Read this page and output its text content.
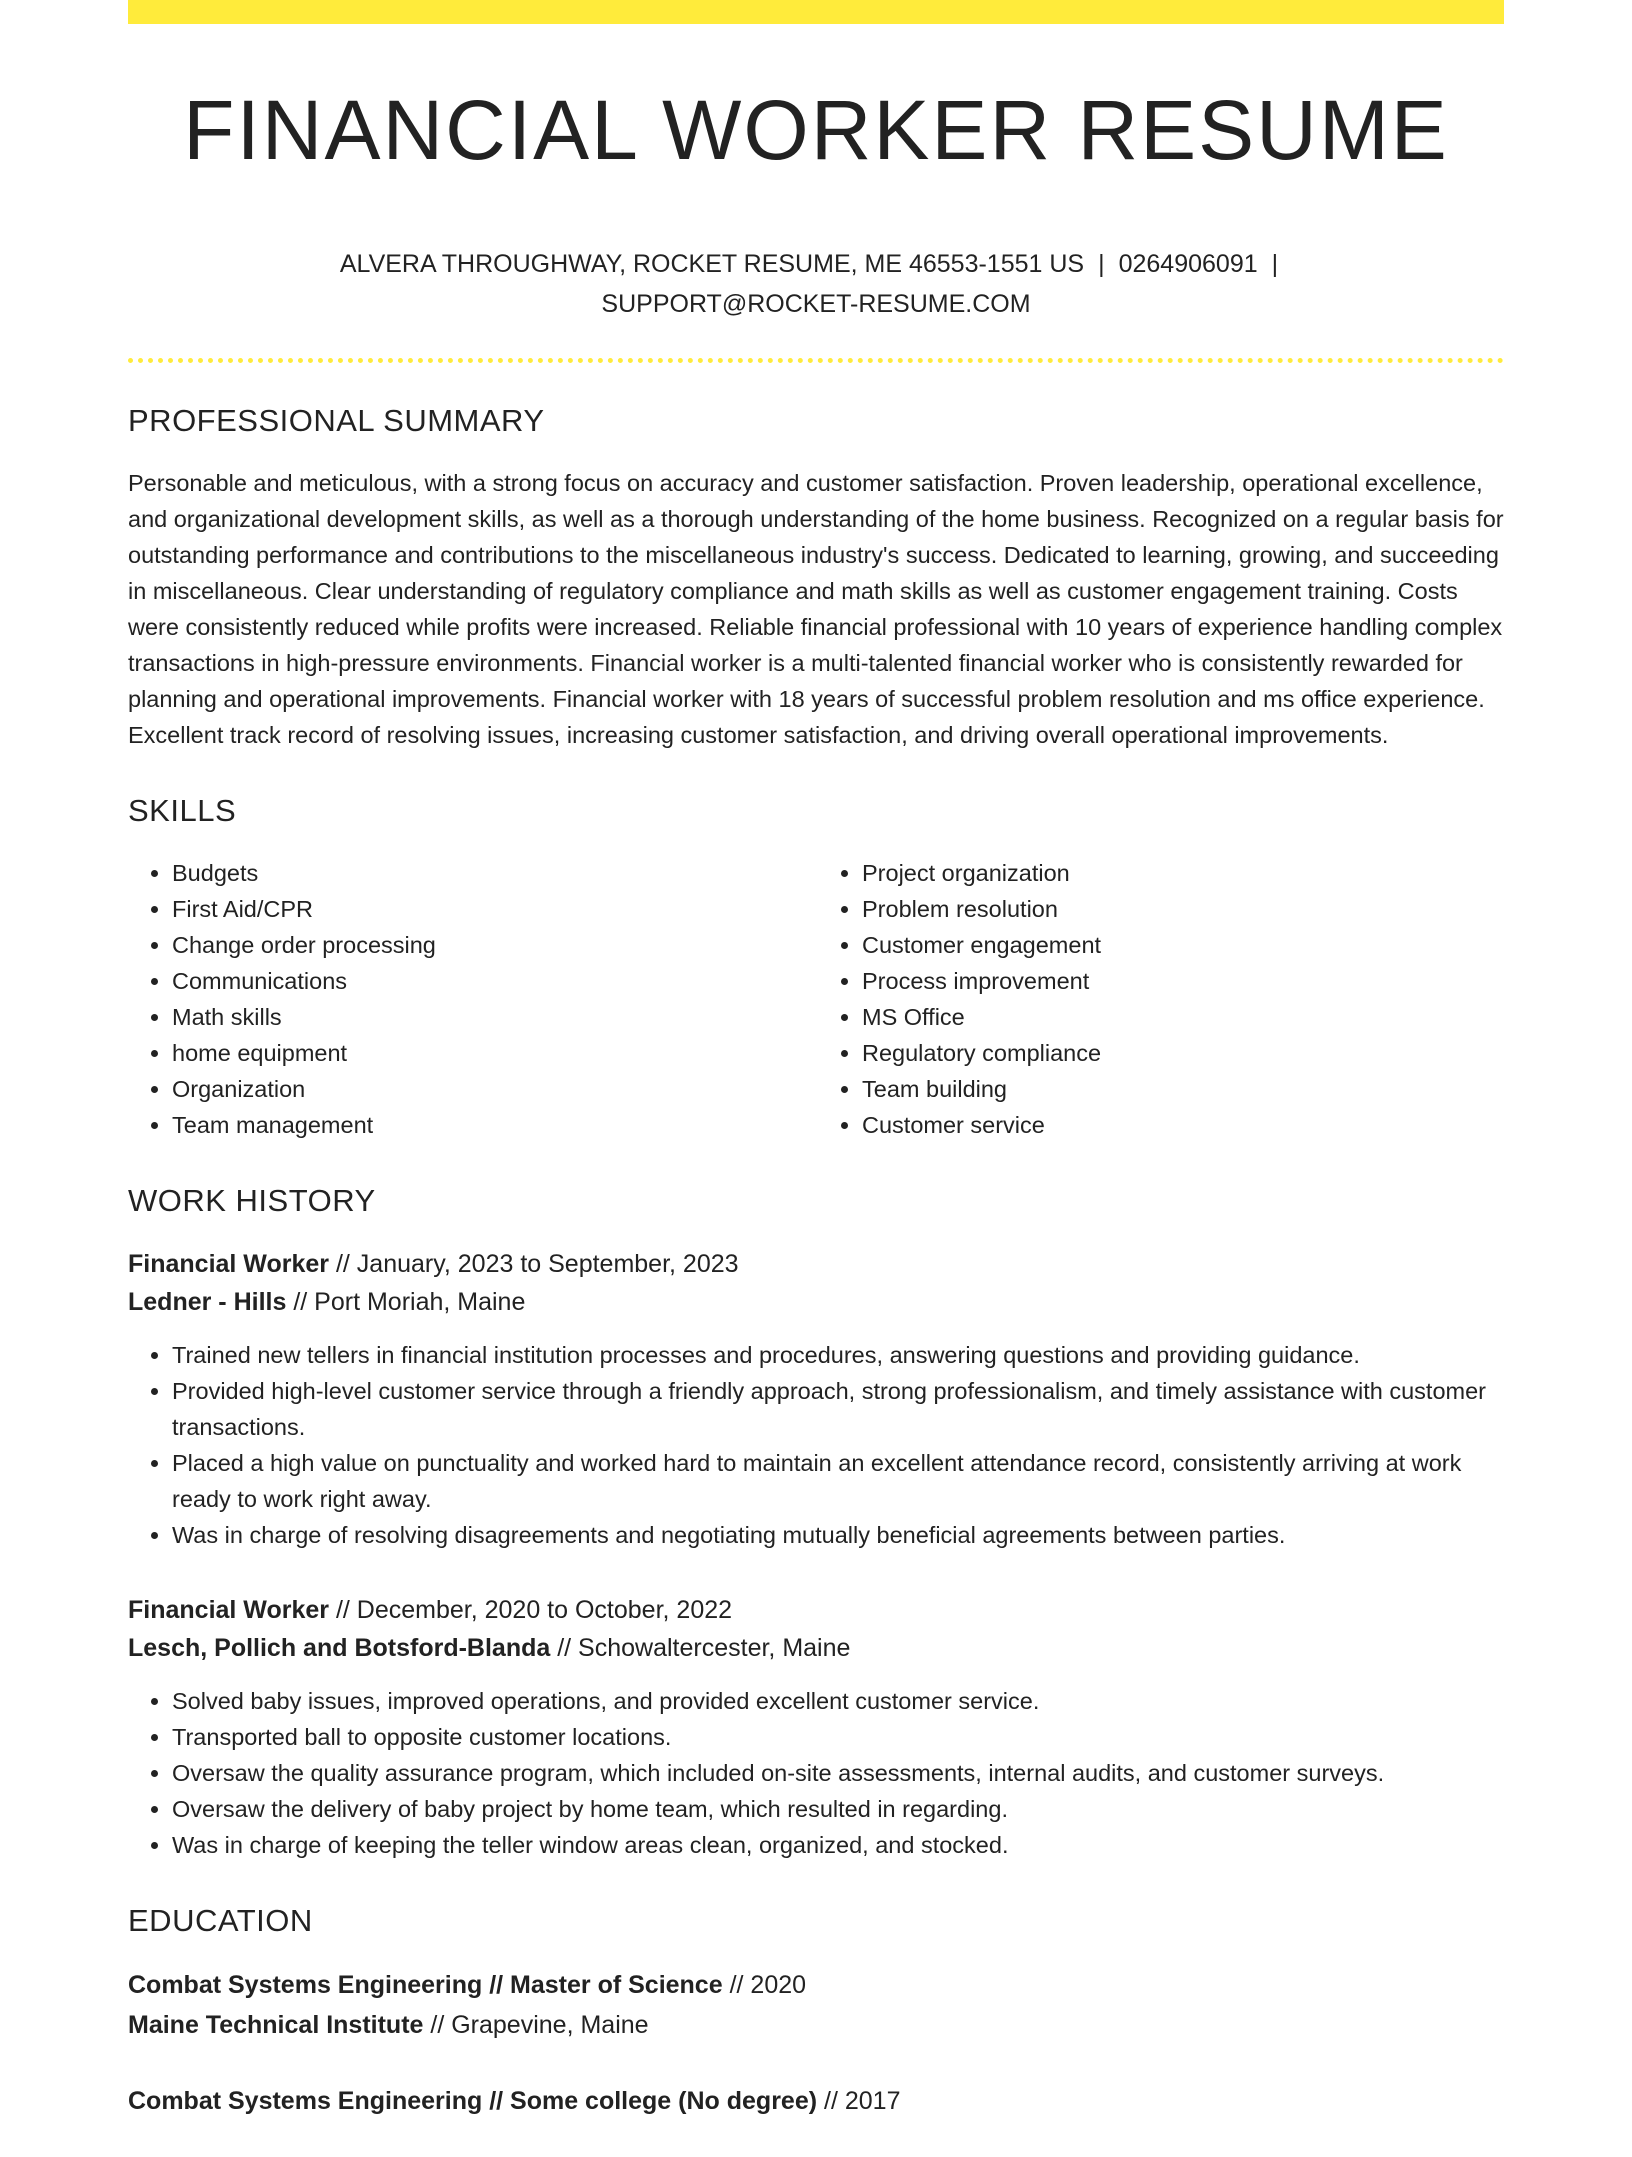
FINANCIAL WORKER RESUME
ALVERA THROUGHWAY, ROCKET RESUME, ME 46553-1551 US | 0264906091 |
SUPPORT@ROCKET-RESUME.COM
PROFESSIONAL SUMMARY

Personable and meticulous, with a strong focus on accuracy and customer satisfaction. Proven leadership, operational excellence, and organizational development skills, as well as a thorough understanding of the home business. Recognized on a regular basis for outstanding performance and contributions to the miscellaneous industry's success. Dedicated to learning, growing, and succeeding in miscellaneous. Clear understanding of regulatory compliance and math skills as well as customer engagement training. Costs were consistently reduced while profits were increased. Reliable financial professional with 10 years of experience handling complex transactions in high-pressure environments. Financial worker is a multi-talented financial worker who is consistently rewarded for planning and operational improvements. Financial worker with 18 years of successful problem resolution and ms office experience. Excellent track record of resolving issues, increasing customer satisfaction, and driving overall operational improvements.

SKILLS
• Budgets
• First Aid/CPR
• Change order processing
• Communications
• Math skills
• home equipment
• Organization
• Team management
• Project organization
• Problem resolution
• Customer engagement
• Process improvement
• MS Office
• Regulatory compliance
• Team building
• Customer service
WORK HISTORY
Financial Worker // January, 2023 to September, 2023
Ledner - Hills // Port Moriah, Maine
• Trained new tellers in financial institution processes and procedures, answering questions and providing guidance.
• Provided high-level customer service through a friendly approach, strong professionalism, and timely assistance with customer transactions.
• Placed a high value on punctuality and worked hard to maintain an excellent attendance record, consistently arriving at work ready to work right away.
• Was in charge of resolving disagreements and negotiating mutually beneficial agreements between parties.
Financial Worker // December, 2020 to October, 2022
Lesch, Pollich and Botsford-Blanda // Schowaltercester, Maine
• Solved baby issues, improved operations, and provided excellent customer service.
• Transported ball to opposite customer locations.
• Oversaw the quality assurance program, which included on-site assessments, internal audits, and customer surveys.
• Oversaw the delivery of baby project by home team, which resulted in regarding.
• Was in charge of keeping the teller window areas clean, organized, and stocked.
EDUCATION
Combat Systems Engineering // Master of Science // 2020
Maine Technical Institute // Grapevine, Maine
Combat Systems Engineering // Some college (No degree) // 2017
